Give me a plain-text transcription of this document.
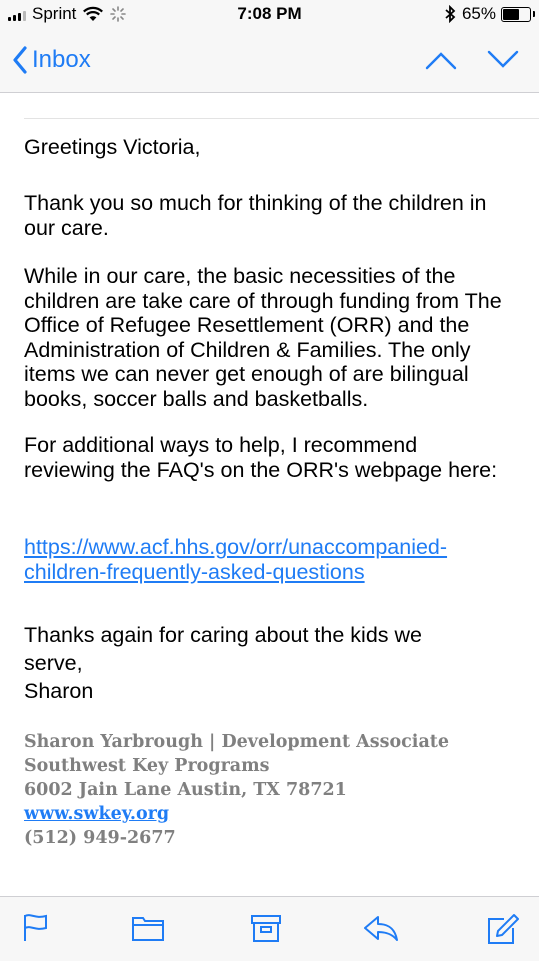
Sprint	7:08 PM	65%
Inbox

Greetings Victoria,

Thank you so much for thinking of the children in our care.

While in our care, the basic necessities of the children are take care of through funding from The Office of Refugee Resettlement (ORR) and the Administration of Children & Families. The only items we can never get enough of are bilingual books, soccer balls and basketballs.

For additional ways to help, I recommend reviewing the FAQ's on the ORR's webpage here:

https://www.acf.hhs.gov/orr/unaccompanied-children-frequently-asked-questions

Thanks again for caring about the kids we serve,
Sharon
Sharon Yarbrough | Development Associate
Southwest Key Programs
6002 Jain Lane Austin, TX 78721
www.swkey.org
(512) 949-2677
